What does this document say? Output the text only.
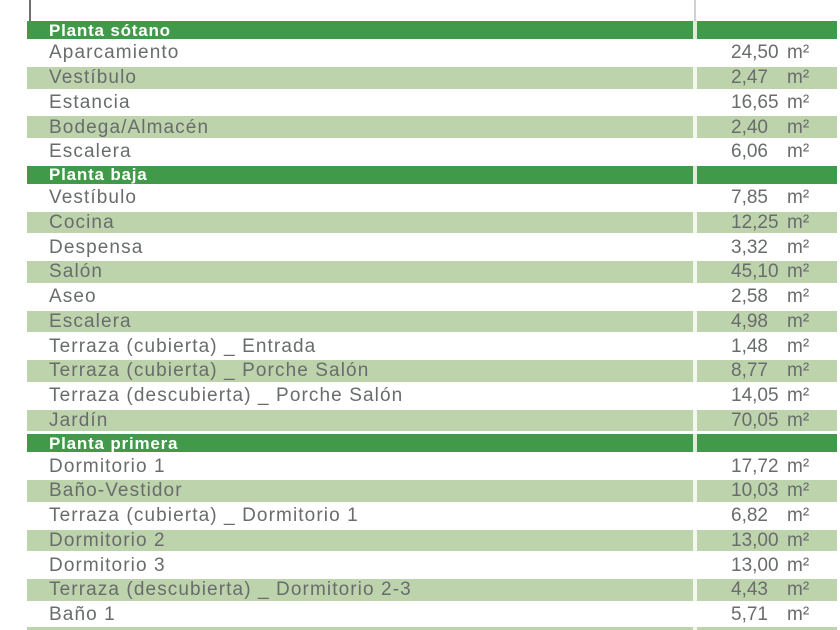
Planta sótano
Aparcamiento	24,50 m²
Vestíbulo	2,47	m²
Estancia	16,65 m²
Bodega/Almacén	2,40	m²
Escalera	6,06	m²
Planta baja
Vestíbulo	7,85	m²
Cocina	12,25 m²
Despensa	3,32	m²
Salón	45,10 m²
Aseo	2,58	m²
Escalera	4,98	m²
Terraza (cubierta) _ Entrada	1,48	m²
Terraza (cubierta) _ Porche Salón	8,77	m²
Terraza (descubierta) _ Porche Salón	14,05 m²
Jardín	70,05 m²
Planta primera
Dormitorio 1	17,72 m²
Baño-Vestidor	10,03 m²
Terraza (cubierta) _ Dormitorio 1	6,82	m²
Dormitorio 2	13,00 m²
Dormitorio 3	13,00 m²
Terraza (descubierta) _ Dormitorio 2-3	4,43	m²
Baño 1	5,71	m²
